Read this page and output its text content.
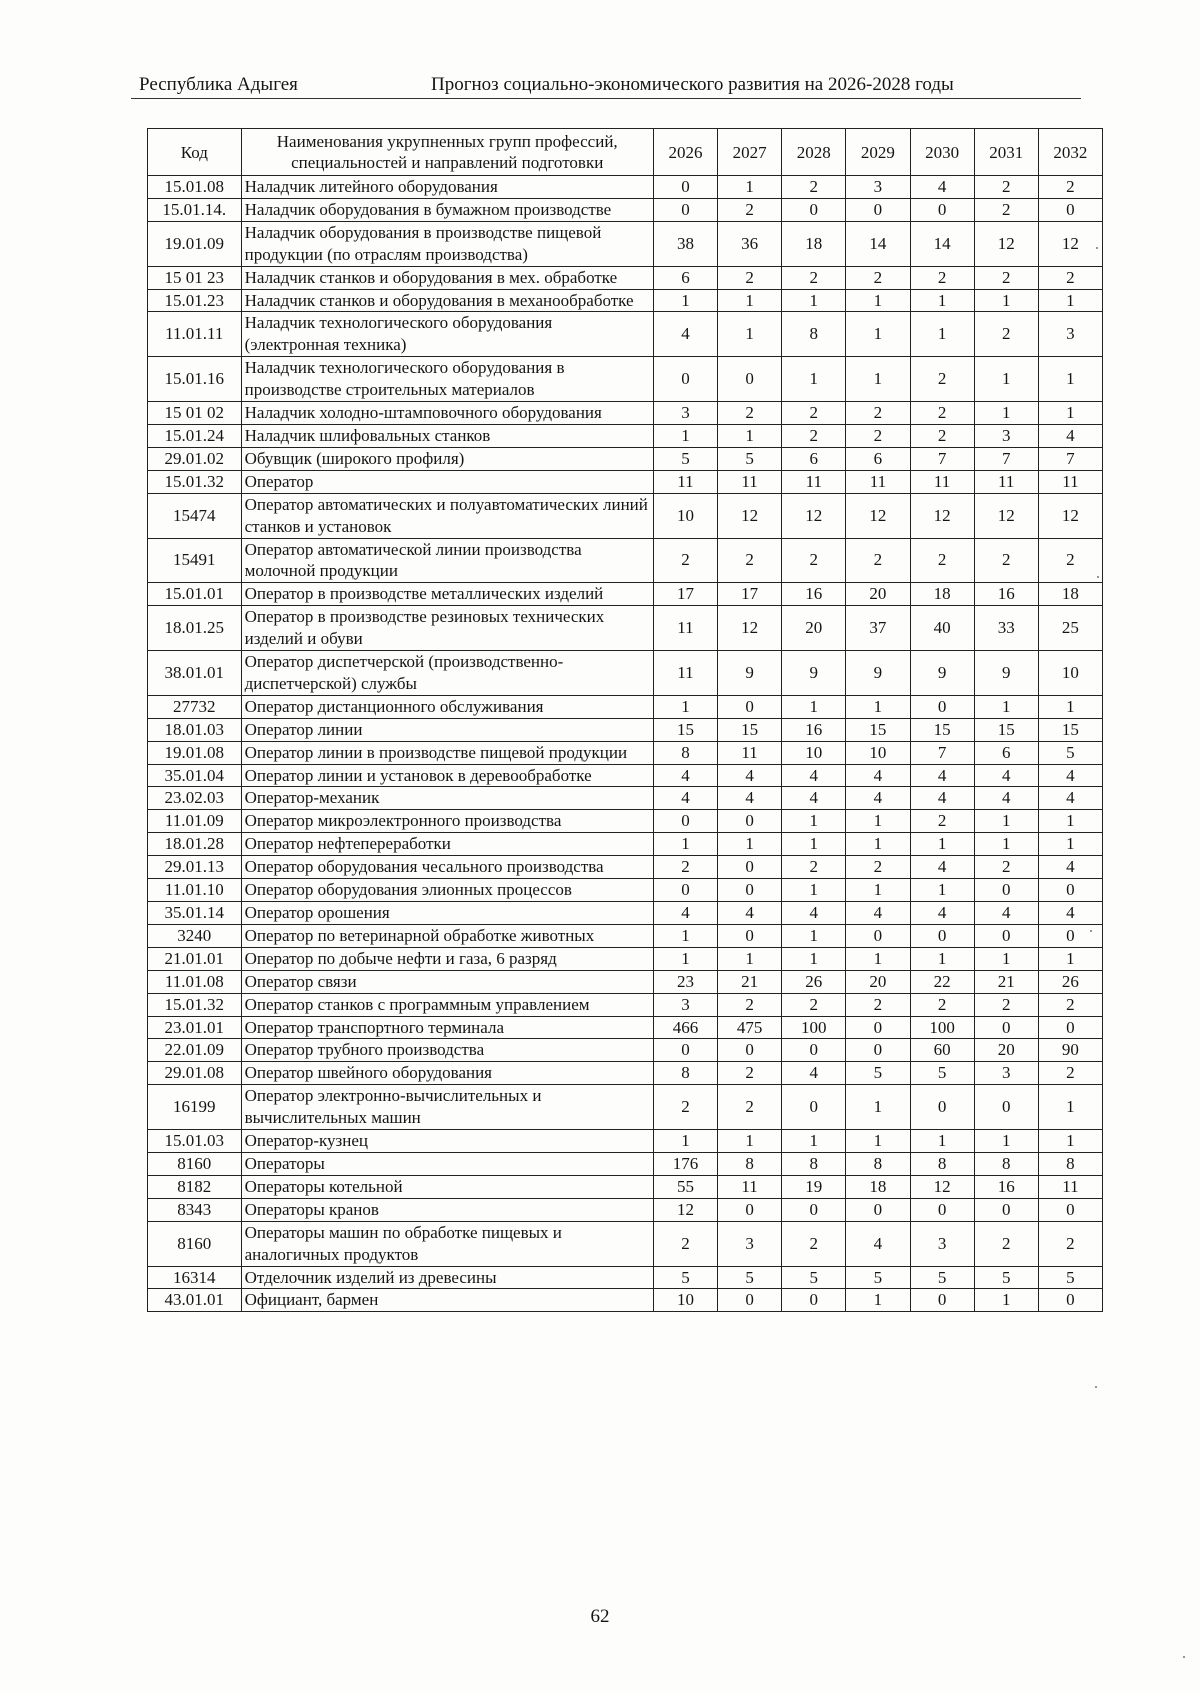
Республика Адыгея	Прогноз социально-экономического развития на 2026-2028 годы
Код	Наименования укрупненных групп профессий, специальностей и направлений подготовки	2026	2027	2028	2029	2030	2031	2032
15.01.08	Наладчик литейного оборудования	0	1	2	3	4	2	2
15.01.14.	Наладчик оборудования в бумажном производстве	0	2	0	0	0	2	0
19.01.09	Наладчик оборудования в производстве пищевой продукции (по отраслям производства)	38	36	18	14	14	12	12
15 01 23	Наладчик станков и оборудования в мех. обработке	6	2	2	2	2	2	2
15.01.23	Наладчик станков и оборудования в механообработке	1	1	1	1	1	1	1
11.01.11	Наладчик технологического оборудования (электронная техника)	4	1	8	1	1	2	3
15.01.16	Наладчик технологического оборудования в производстве строительных материалов	0	0	1	1	2	1	1
15 01 02	Наладчик холодно-штамповочного оборудования	3	2	2	2	2	1	1
15.01.24	Наладчик шлифовальных станков	1	1	2	2	2	3	4
29.01.02	Обувщик (широкого профиля)	5	5	6	6	7	7	7
15.01.32	Оператор	11	11	11	11	11	11	11
15474	Оператор автоматических и полуавтоматических линий станков и установок	10	12	12	12	12	12	12
15491	Оператор автоматической линии производства молочной продукции	2	2	2	2	2	2	2
15.01.01	Оператор в производстве металлических изделий	17	17	16	20	18	16	18
18.01.25	Оператор в производстве резиновых технических изделий и обуви	11	12	20	37	40	33	25
38.01.01	Оператор диспетчерской (производственно-диспетчерской) службы	11	9	9	9	9	9	10
27732	Оператор дистанционного обслуживания	1	0	1	1	0	1	1
18.01.03	Оператор линии	15	15	16	15	15	15	15
19.01.08	Оператор линии в производстве пищевой продукции	8	11	10	10	7	6	5
35.01.04	Оператор линии и установок в деревообработке	4	4	4	4	4	4	4
23.02.03	Оператор-механик	4	4	4	4	4	4	4
11.01.09	Оператор микроэлектронного производства	0	0	1	1	2	1	1
18.01.28	Оператор нефтепереработки	1	1	1	1	1	1	1
29.01.13	Оператор оборудования чесального производства	2	0	2	2	4	2	4
11.01.10	Оператор оборудования элионных процессов	0	0	1	1	1	0	0
35.01.14	Оператор орошения	4	4	4	4	4	4	4
3240	Оператор по ветеринарной обработке животных	1	0	1	0	0	0	0
21.01.01	Оператор по добыче нефти и газа, 6 разряд	1	1	1	1	1	1	1
11.01.08	Оператор связи	23	21	26	20	22	21	26
15.01.32	Оператор станков с программным управлением	3	2	2	2	2	2	2
23.01.01	Оператор транспортного терминала	466	475	100	0	100	0	0
22.01.09	Оператор трубного производства	0	0	0	0	60	20	90
29.01.08	Оператор швейного оборудования	8	2	4	5	5	3	2
16199	Оператор электронно-вычислительных и вычислительных машин	2	2	0	1	0	0	1
15.01.03	Оператор-кузнец	1	1	1	1	1	1	1
8160	Операторы	176	8	8	8	8	8	8
8182	Операторы котельной	55	11	19	18	12	16	11
8343	Операторы кранов	12	0	0	0	0	0	0
8160	Операторы машин по обработке пищевых и аналогичных продуктов	2	3	2	4	3	2	2
16314	Отделочник изделий из древесины	5	5	5	5	5	5	5
43.01.01	Официант, бармен	10	0	0	1	0	1	0
62
